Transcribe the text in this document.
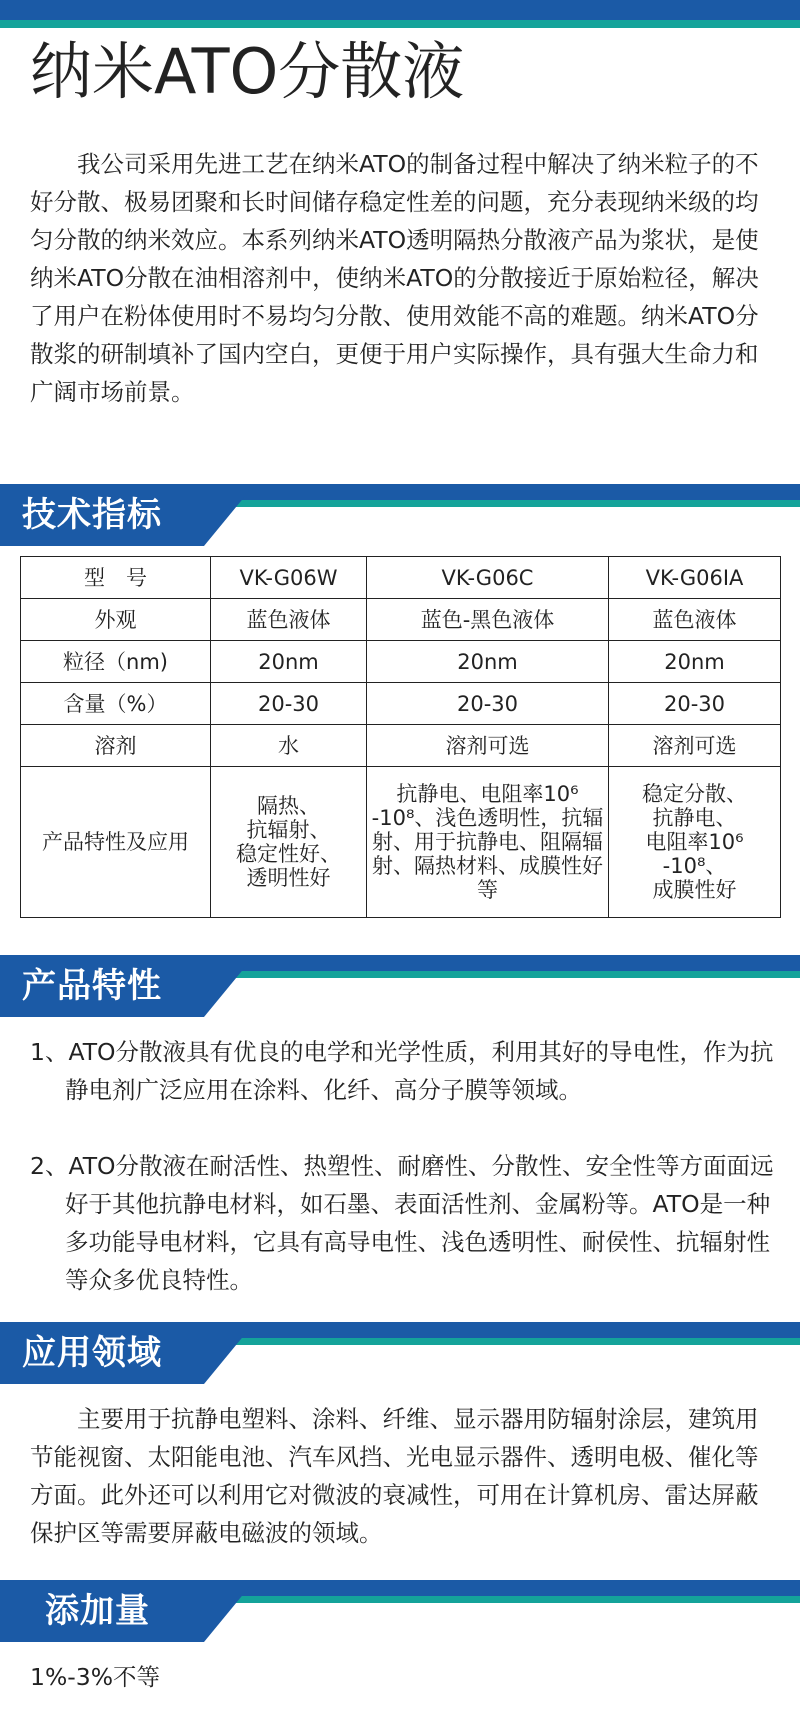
纳米ATO分散液

我公司采用先进工艺在纳米ATO的制备过程中解决了纳米粒子的不好分散、极易团聚和长时间储存稳定性差的问题，充分表现纳米级的均匀分散的纳米效应。本系列纳米ATO透明隔热分散液产品为浆状，是使纳米ATO分散在油相溶剂中，使纳米ATO的分散接近于原始粒径，解决了用户在粉体使用时不易均匀分散、使用效能不高的难题。纳米ATO分散浆的研制填补了国内空白，更便于用户实际操作，具有强大生命力和广阔市场前景。

技术指标
型　号	VK-G06W	VK-G06C	VK-G06IA
外观	蓝色液体	蓝色-黑色液体	蓝色液体
粒径（nm)	20nm	20nm	20nm
含量（%）	20-30	20-30	20-30
溶剂	水	溶剂可选	溶剂可选
产品特性及应用	隔热、
抗辐射、
稳定性好、
透明性好	抗静电、电阻率10⁶ -10⁸、浅色透明性，抗辐射、用于抗静电、阻隔辐射、隔热材料、成膜性好等	稳定分散、
抗静电、
电阻率10⁶ -10⁸、
成膜性好
产品特性

1、ATO分散液具有优良的电学和光学性质，利用其好的导电性，作为抗静电剂广泛应用在涂料、化纤、高分子膜等领域。

2、ATO分散液在耐活性、热塑性、耐磨性、分散性、安全性等方面面远好于其他抗静电材料，如石墨、表面活性剂、金属粉等。ATO是一种多功能导电材料，它具有高导电性、浅色透明性、耐侯性、抗辐射性等众多优良特性。

应用领域

主要用于抗静电塑料、涂料、纤维、显示器用防辐射涂层，建筑用节能视窗、太阳能电池、汽车风挡、光电显示器件、透明电极、催化等方面。此外还可以利用它对微波的衰减性，可用在计算机房、雷达屏蔽保护区等需要屏蔽电磁波的领域。

添加量

1%-3%不等
